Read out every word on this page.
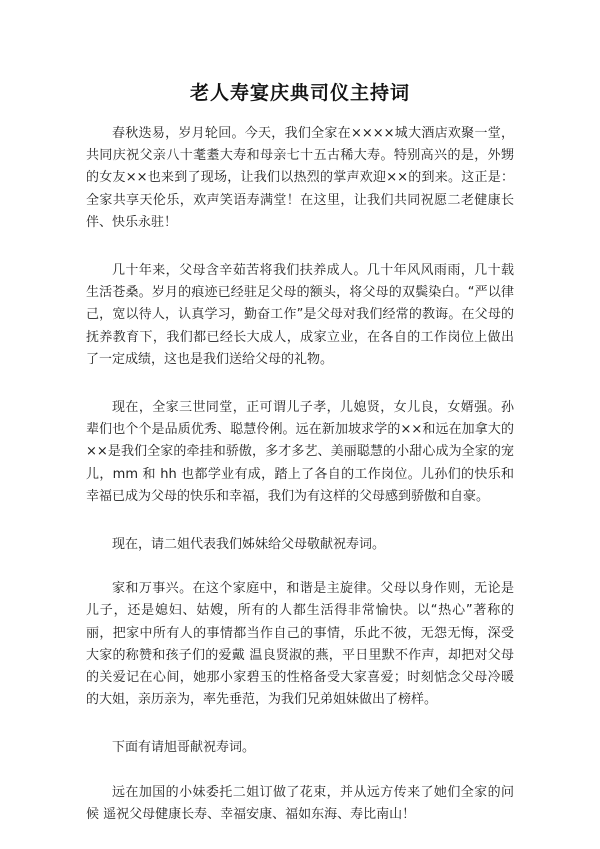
老人寿宴庆典司仪主持词

春秋迭易，岁月轮回。今天，我们全家在××××城大酒店欢聚一堂，共同庆祝父亲八十耄耋大寿和母亲七十五古稀大寿。特别高兴的是，外甥的女友××也来到了现场，让我们以热烈的掌声欢迎××的到来。这正是：全家共享天伦乐，欢声笑语寿满堂！在这里，让我们共同祝愿二老健康长伴、快乐永驻！

几十年来，父母含辛茹苦将我们扶养成人。几十年风风雨雨，几十载生活苍桑。岁月的痕迹已经驻足父母的额头，将父母的双鬓染白。“严以律己，宽以待人，认真学习，勤奋工作”是父母对我们经常的教诲。在父母的抚养教育下，我们都已经长大成人，成家立业，在各自的工作岗位上做出了一定成绩，这也是我们送给父母的礼物。

现在，全家三世同堂，正可谓儿子孝，儿媳贤，女儿良，女婿强。孙辈们也个个是品质优秀、聪慧伶俐。远在新加坡求学的××和远在加拿大的××是我们全家的牵挂和骄傲，多才多艺、美丽聪慧的小甜心成为全家的宠儿，mm 和 hh 也都学业有成，踏上了各自的工作岗位。儿孙们的快乐和幸福已成为父母的快乐和幸福，我们为有这样的父母感到骄傲和自豪。

现在，请二姐代表我们姊妹给父母敬献祝寿词。

家和万事兴。在这个家庭中，和谐是主旋律。父母以身作则，无论是儿子，还是媳妇、姑嫂，所有的人都生活得非常愉快。以“热心”著称的丽，把家中所有人的事情都当作自己的事情，乐此不彼，无怨无悔，深受大家的称赞和孩子们的爱戴 温良贤淑的燕，平日里默不作声，却把对父母的关爱记在心间，她那小家碧玉的性格备受大家喜爱；时刻惦念父母冷暖的大姐，亲历亲为，率先垂范，为我们兄弟姐妹做出了榜样。

下面有请旭哥献祝寿词。

远在加国的小妹委托二姐订做了花束，并从远方传来了她们全家的问候 遥祝父母健康长寿、幸福安康、福如东海、寿比南山！
